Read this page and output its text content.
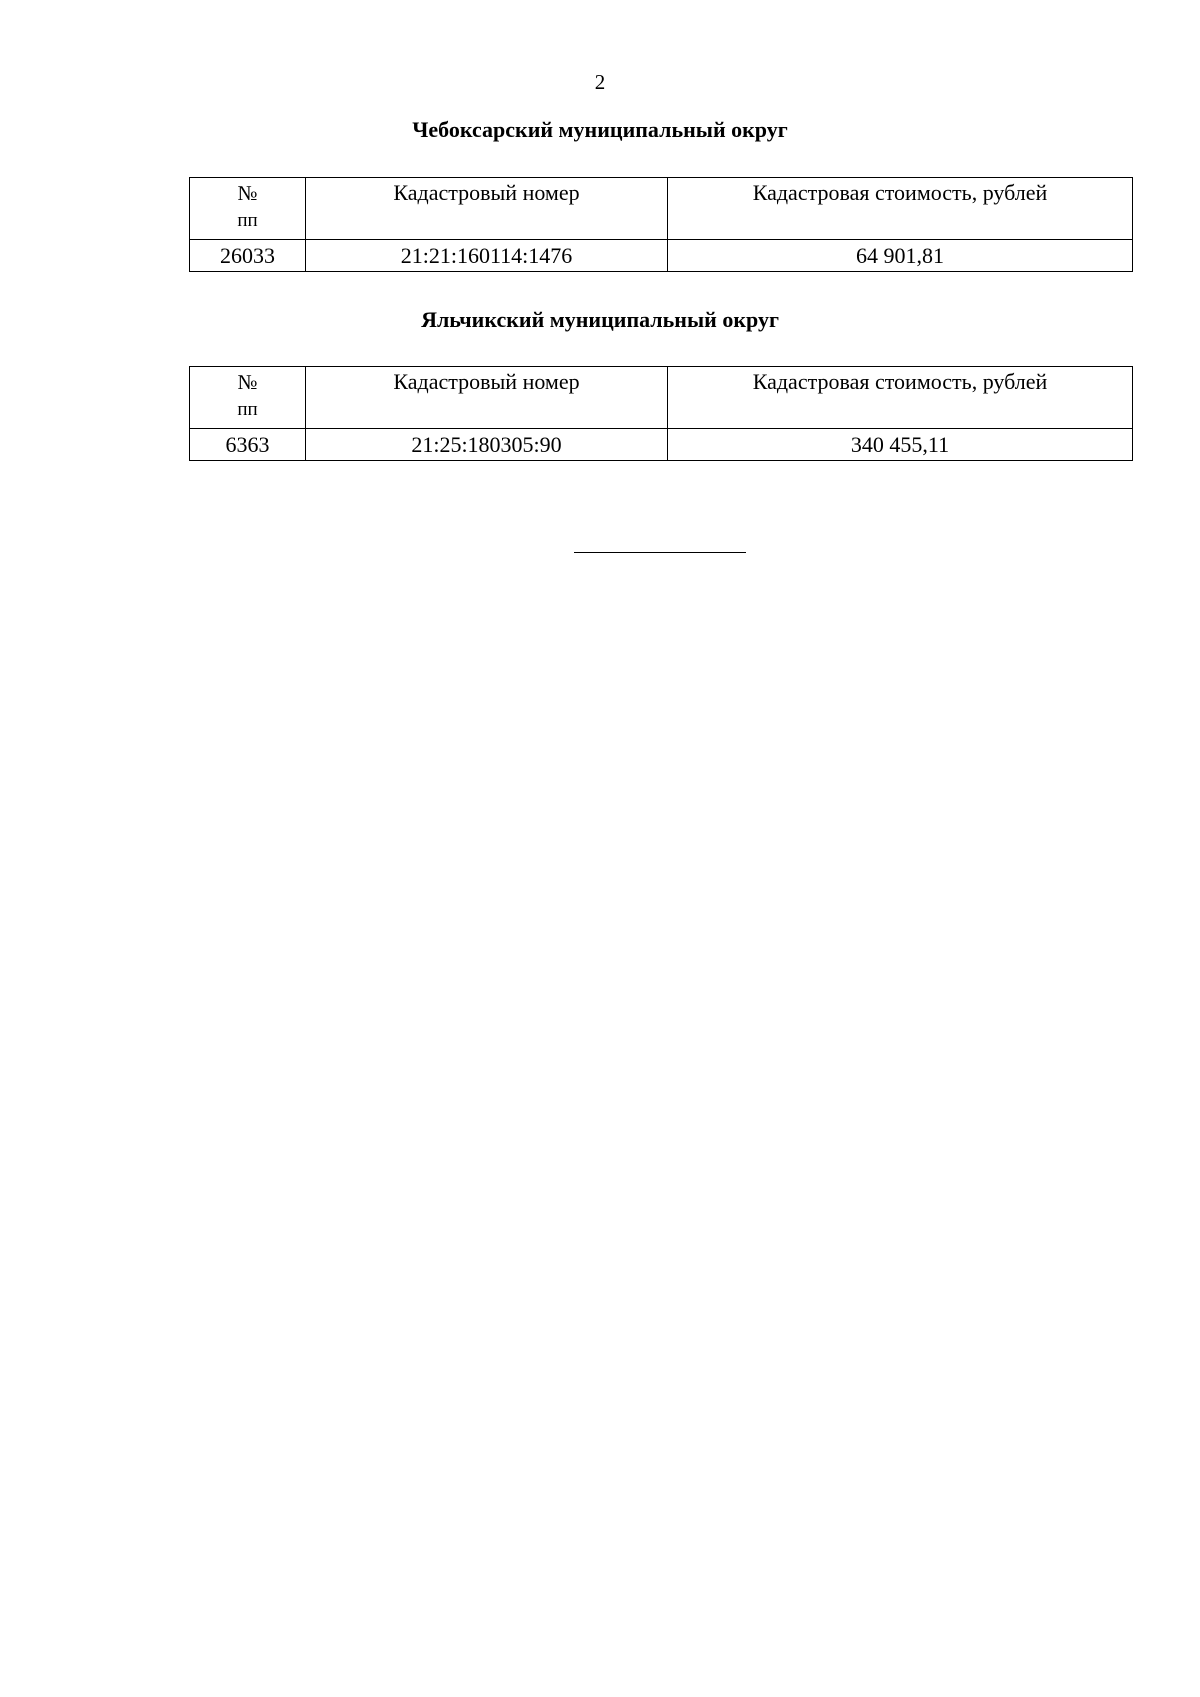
2
Чебоксарский муниципальный округ
№
пп	Кадастровый номер	Кадастровая стоимость, рублей
26033	21:21:160114:1476	64 901,81
Яльчикский муниципальный округ
№
пп	Кадастровый номер	Кадастровая стоимость, рублей
6363	21:25:180305:90	340 455,11
